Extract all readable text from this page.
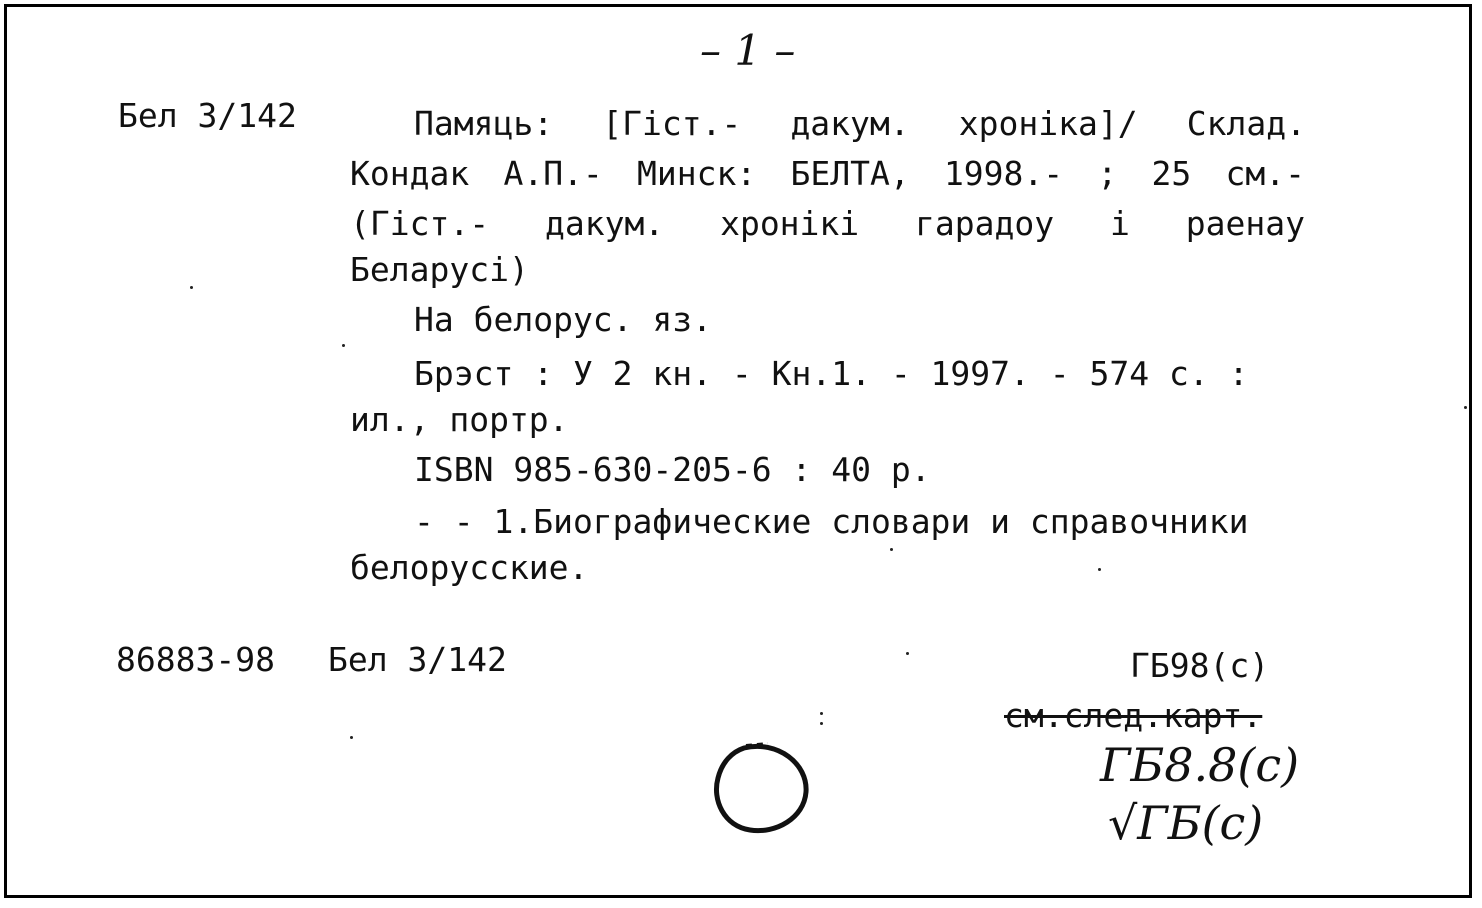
– 1 –
Бел 3/142	Памяць: [Гіст.- дакум. хроніка]/ Склад.
Кондак А.П.- Минск: БЕЛТА, 1998.- ; 25 см.-
(Гіст.- дакум. хронікі гарадоу і раенау
Беларусі)
На белорус. яз.
Брэст : У 2 кн. - Кн.1. - 1997. - 574 с. :
ил., портр.
ISBN 985-630-205-6 : 40 р.
- - 1.Биографические словари и справочники
белорусские.
86883-98 Бел 3/142	ГБ98(с)
см.след.карт.
ГБ8.8(с)
√ГБ(с)
